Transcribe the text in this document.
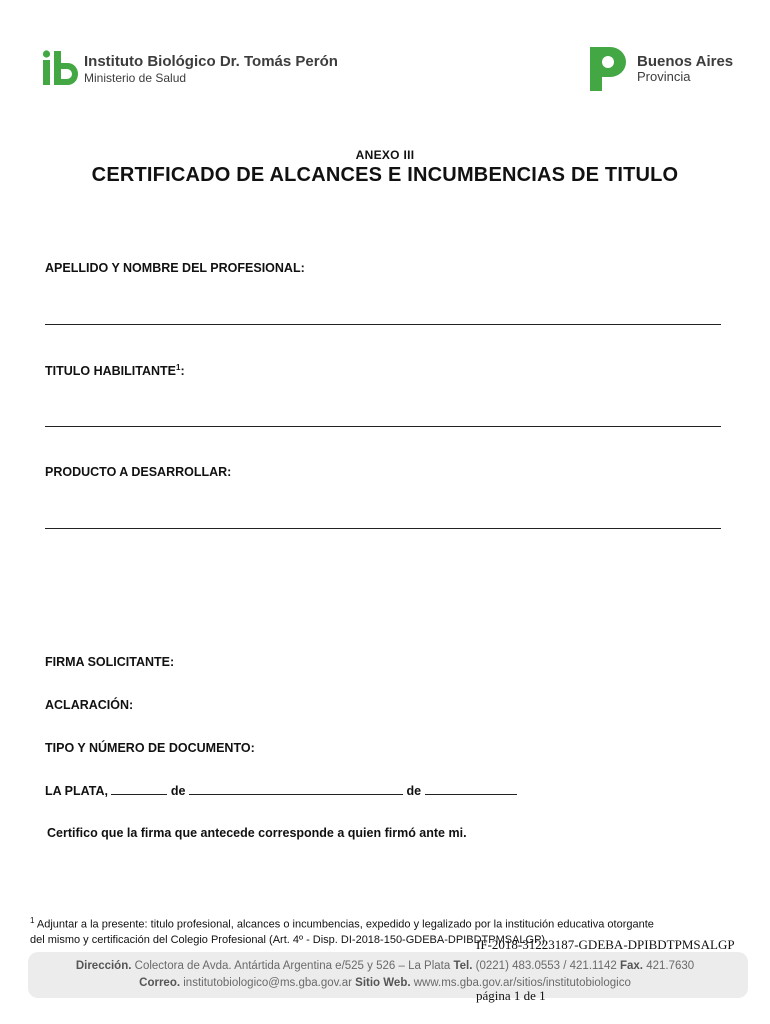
Instituto Biológico Dr. Tomás Perón
Ministerio de Salud
Buenos Aires
Provincia
ANEXO III
CERTIFICADO DE ALCANCES E INCUMBENCIAS DE TITULO
APELLIDO Y NOMBRE DEL PROFESIONAL:
TITULO HABILITANTE$^1$:
PRODUCTO A DESARROLLAR:
FIRMA SOLICITANTE:
ACLARACIÓN:
TIPO Y NÚMERO DE DOCUMENTO:
LA PLATA,	de	de
Certifico que la firma que antecede corresponde a quien firmó ante mi.
$^1$ Adjuntar a la presente: titulo profesional, alcances o incumbencias, expedido y legalizado por la institución educativa otorgante
del mismo y certificación del Colegio Profesional (Art. 4º - Disp. DI-2018-150-GDEBA-DPIBDTPMSALGP).
IF-2018-31223187-GDEBA-DPIBDTPMSALGP
Dirección. Colectora de Avda. Antártida Argentina e/525 y 526 – La Plata Tel. (0221) 483.0553 / 421.1142 Fax. 421.7630
Correo. institutobiologico@ms.gba.gov.ar Sitio Web. www.ms.gba.gov.ar/sitios/institutobiologico
página 1 de 1
